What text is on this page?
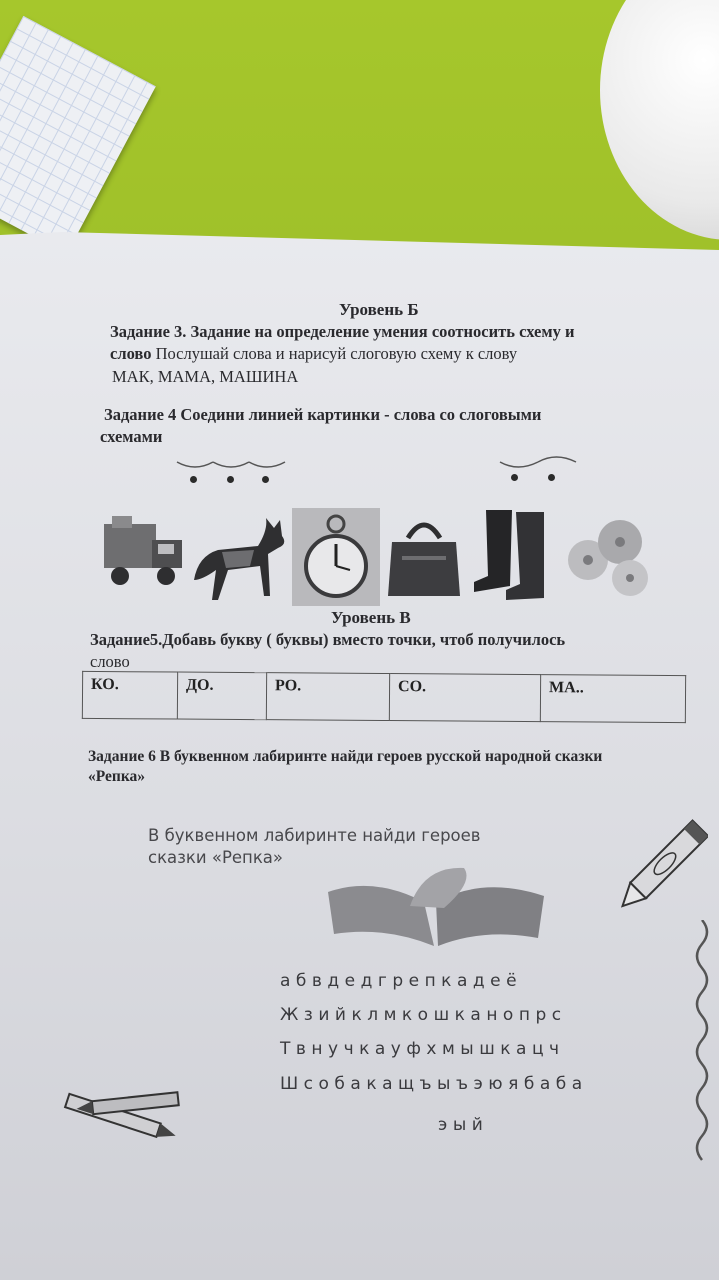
Уровень Б
Задание 3. Задание на определение умения соотносить схему и
слово Послушай слова и нарисуй слоговую схему к слову
МАК, МАМА, МАШИНА
Задание 4 Соедини линией картинки - слова со слоговыми
схемами
Уровень В
Задание5.Добавь букву ( буквы) вместо точки, чтоб получилось
слово
КО.	ДО.	РО.	СО.	МА..
Задание 6 В буквенном лабиринте найди героев русской народной сказки
«Репка»
В буквенном лабиринте найди героев
сказки «Репка»
абвдедгрепкадеё
Жзийклмкошканопрс
Твнучкауфхмышкацч
Шсобакащъыъэюябаба
эый
